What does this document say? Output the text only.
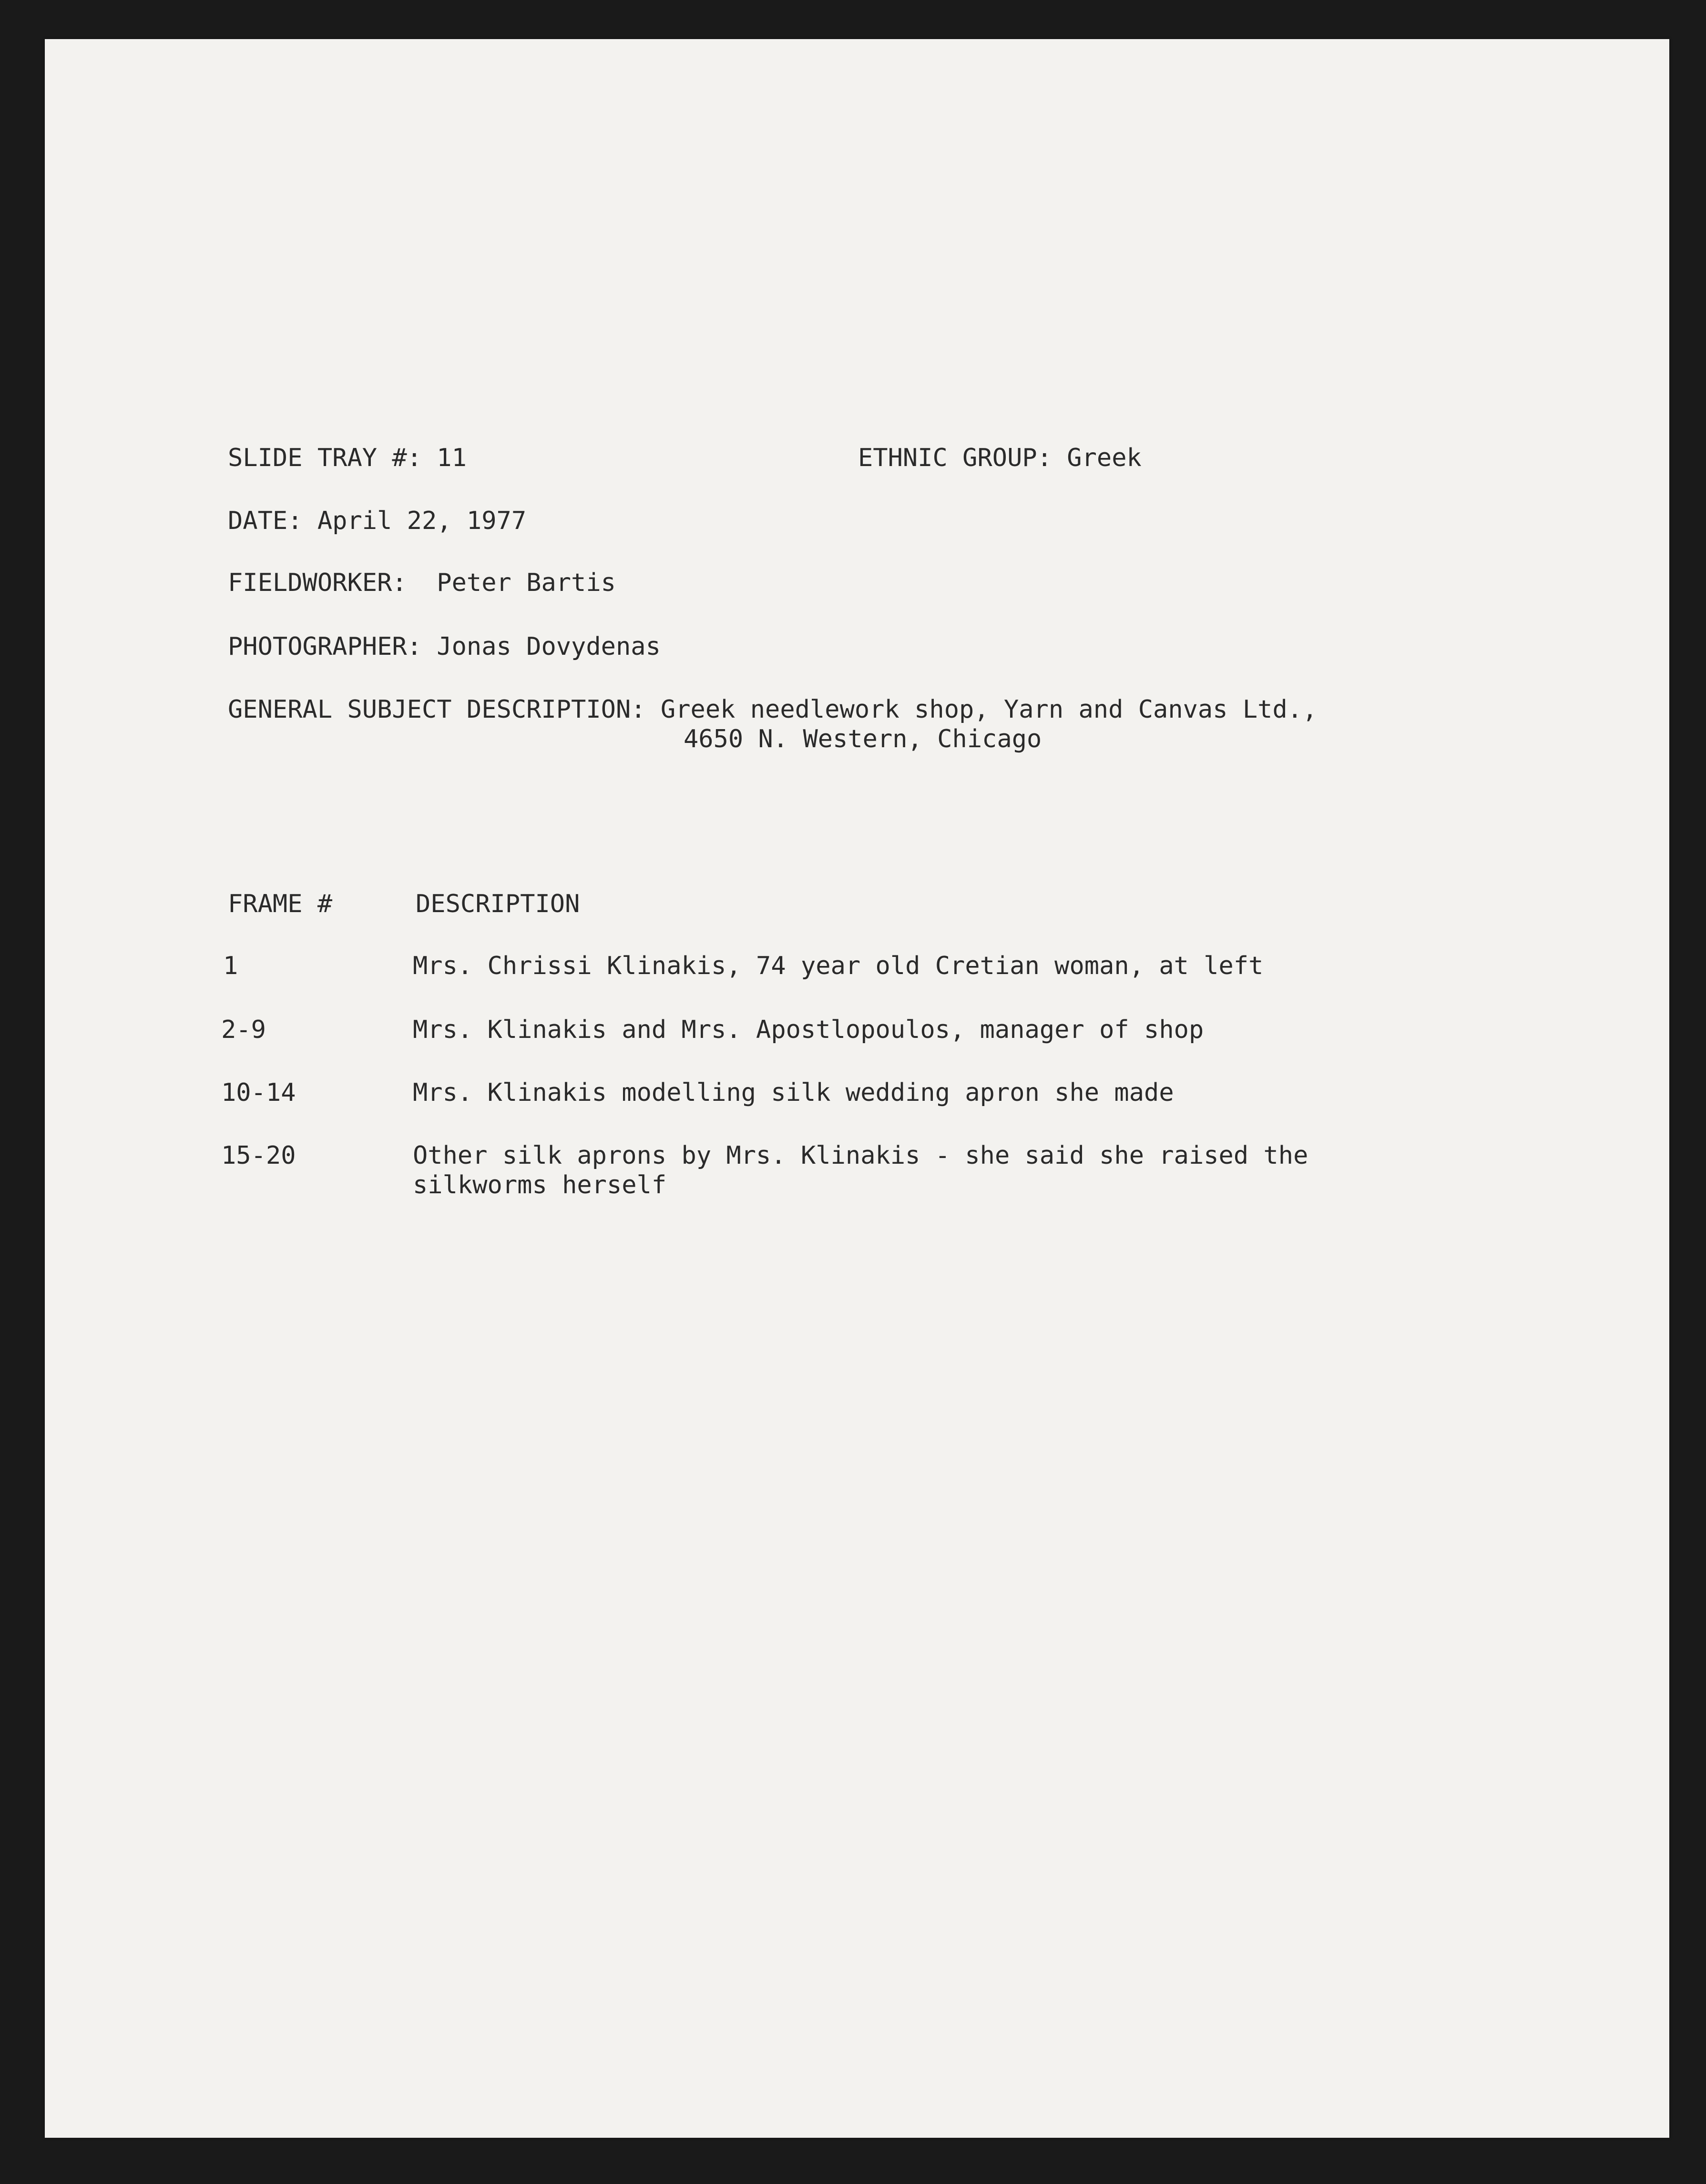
SLIDE TRAY #: 11	ETHNIC GROUP: Greek
DATE: April 22, 1977
FIELDWORKER:  Peter Bartis
PHOTOGRAPHER: Jonas Dovydenas
GENERAL SUBJECT DESCRIPTION: Greek needlework shop, Yarn and Canvas Ltd.,
4650 N. Western, Chicago
FRAME #	DESCRIPTION
1	Mrs. Chrissi Klinakis, 74 year old Cretian woman, at left
2-9	Mrs. Klinakis and Mrs. Apostlopoulos, manager of shop
10-14	Mrs. Klinakis modelling silk wedding apron she made
15-20	Other silk aprons by Mrs. Klinakis - she said she raised the
silkworms herself
